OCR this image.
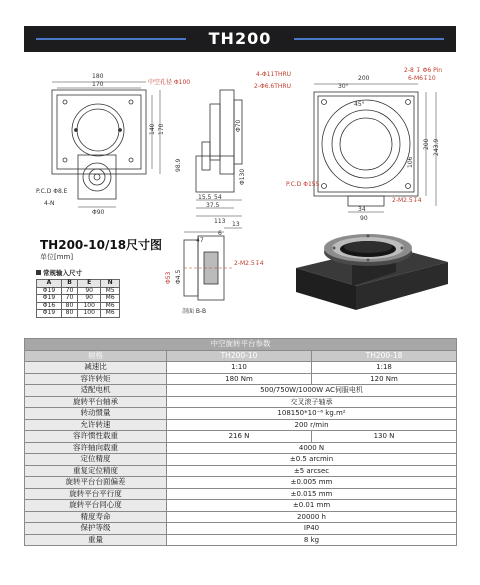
TH200
180
170	中空孔径 Φ100
140 170
P.C.D Φ8.E
4-N
Φ90
Φ70
98.9
Φ130
15.5 54
37.5
113
4-Φ11THRU
2-Φ6.6THRU
2-8 ↧ Φ6 Pin
6-M6↧10
200
30°
45°
200 243.9
106
P.C.D Φ155
34
90
2-M2.5↧4
47
6
13
Φ53 Φ4.5
2-M2.5↧4
剖面 B-B
TH200-10/18尺寸图
单位[mm]
常规输入尺寸
A	B	E	N
Φ19	70	90	M5
Φ19	70	90	M6
Φ16	80	100	M6
Φ19	80	100	M6
中空旋转平台参数		
规格	TH200-10	TH200-18
减速比	1:10	1:18
容许转矩	180 Nm	120 Nm
适配电机	500/750W/1000W AC伺服电机	
旋转平台轴承	交叉滚子轴承	
转动惯量	108150*10⁻⁶ kg.m²	
允许转速	200 r/min	
容许惯性载重	216 N	130 N
容许轴向载重	4000 N	
定位精度	±0.5 arcmin	
重复定位精度	±5 arcsec	
旋转平台台面偏差	±0.005 mm	
旋转平台平行度	±0.015 mm	
旋转平台同心度	±0.01 mm	
精度寿命	20000 h	
保护等级	IP40	
重量	8 kg	
